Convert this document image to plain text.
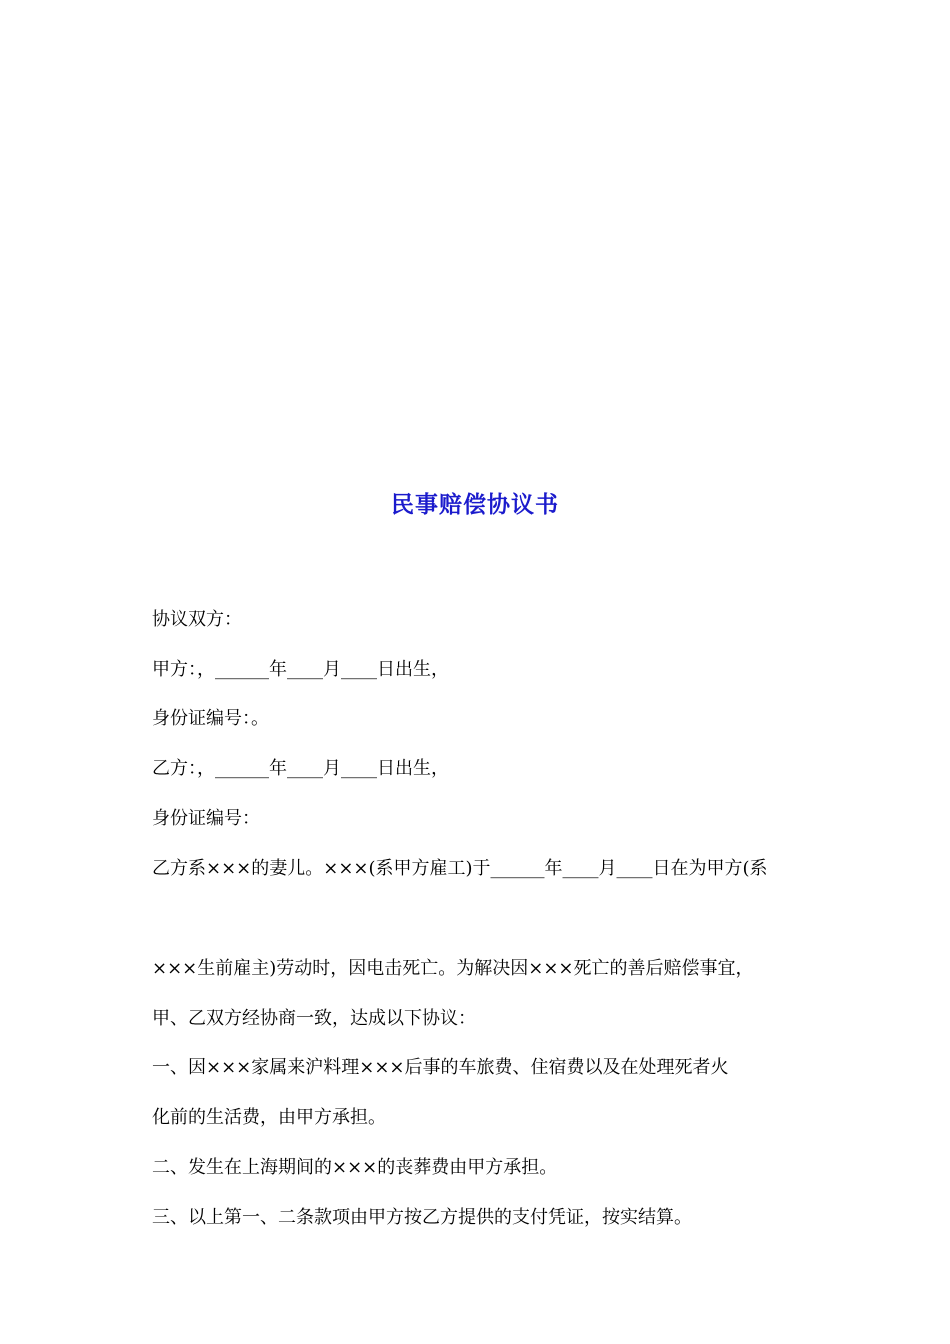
民事赔偿协议书

协议双方：

甲方：，______年____月____日出生，

身份证编号：。

乙方：，______年____月____日出生，

身份证编号：

乙方系×××的妻儿。×××(系甲方雇工)于______年____月____日在为甲方(系

×××生前雇主)劳动时，因电击死亡。为解决因×××死亡的善后赔偿事宜，

甲、乙双方经协商一致，达成以下协议：

一、因×××家属来沪料理×××后事的车旅费、住宿费以及在处理死者火

化前的生活费，由甲方承担。

二、发生在上海期间的×××的丧葬费由甲方承担。

三、以上第一、二条款项由甲方按乙方提供的支付凭证，按实结算。
